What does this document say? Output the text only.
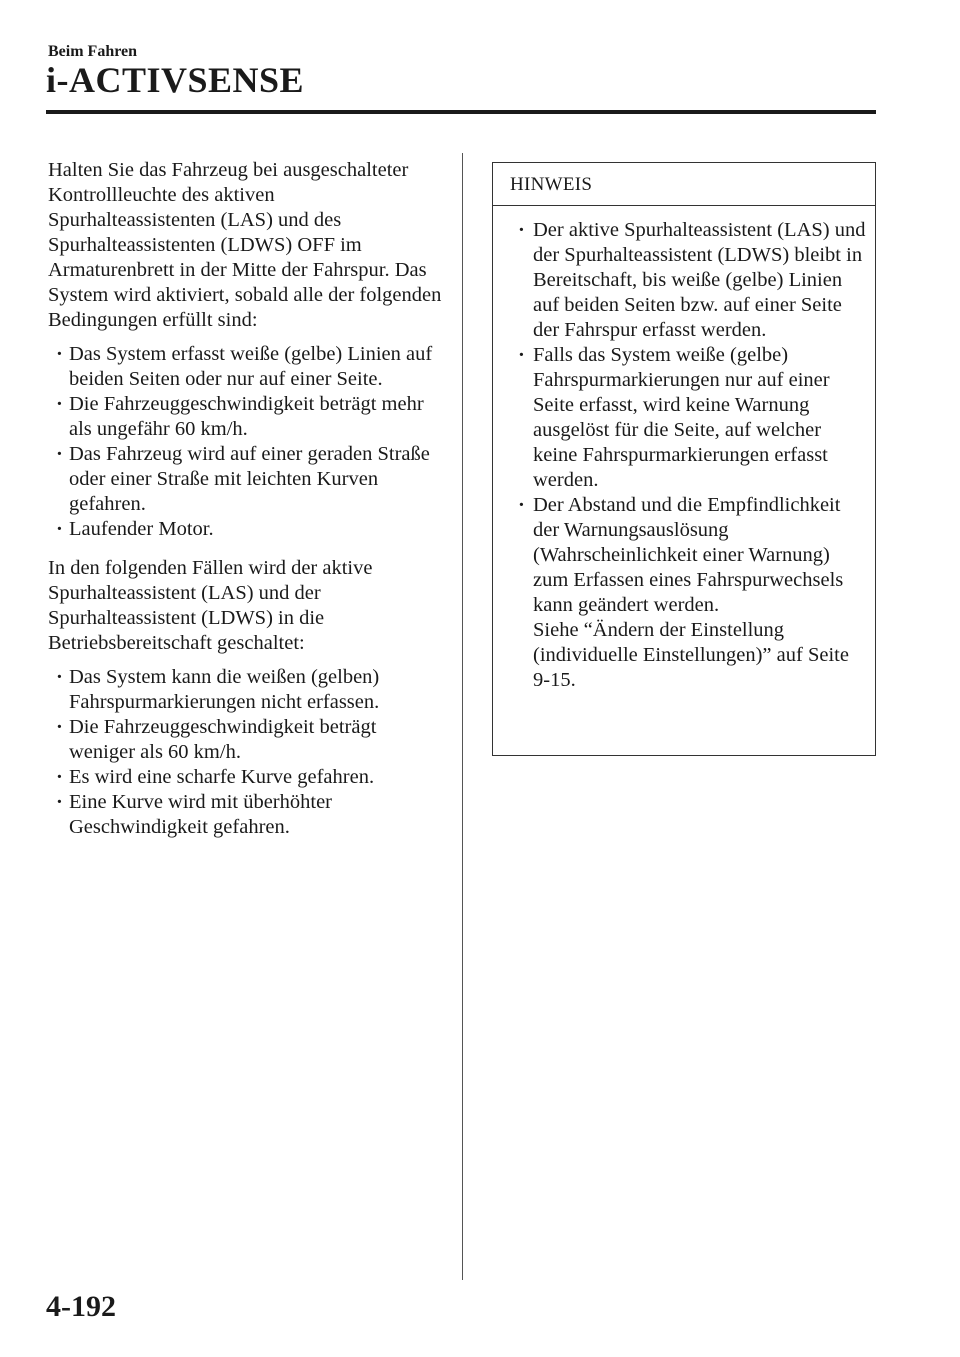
Beim Fahren
i-ACTIVSENSE

Halten Sie das Fahrzeug bei ausgeschalteter Kontrollleuchte des aktiven Spurhalteassistenten (LAS) und des Spurhalteassistenten (LDWS) OFF im Armaturenbrett in der Mitte der Fahrspur. Das System wird aktiviert, sobald alle der folgenden Bedingungen erfüllt sind:

· Das System erfasst weiße (gelbe) Linien auf beiden Seiten oder nur auf einer Seite.
· Die Fahrzeuggeschwindigkeit beträgt mehr als ungefähr 60 km/h.
· Das Fahrzeug wird auf einer geraden Straße oder einer Straße mit leichten Kurven gefahren.
· Laufender Motor.

In den folgenden Fällen wird der aktive Spurhalteassistent (LAS) und der Spurhalteassistent (LDWS) in die Betriebsbereitschaft geschaltet:

· Das System kann die weißen (gelben) Fahrspurmarkierungen nicht erfassen.
· Die Fahrzeuggeschwindigkeit beträgt weniger als 60 km/h.
· Es wird eine scharfe Kurve gefahren.
· Eine Kurve wird mit überhöhter Geschwindigkeit gefahren.
HINWEIS
· Der aktive Spurhalteassistent (LAS) und der Spurhalteassistent (LDWS) bleibt in Bereitschaft, bis weiße (gelbe) Linien auf beiden Seiten bzw. auf einer Seite der Fahrspur erfasst werden.
· Falls das System weiße (gelbe) Fahrspurmarkierungen nur auf einer Seite erfasst, wird keine Warnung ausgelöst für die Seite, auf welcher keine Fahrspurmarkierungen erfasst werden.
· Der Abstand und die Empfindlichkeit der Warnungsauslösung (Wahrscheinlichkeit einer Warnung) zum Erfassen eines Fahrspurwechsels kann geändert werden.
Siehe “Ändern der Einstellung (individuelle Einstellungen)” auf Seite 9-15.
4-192
